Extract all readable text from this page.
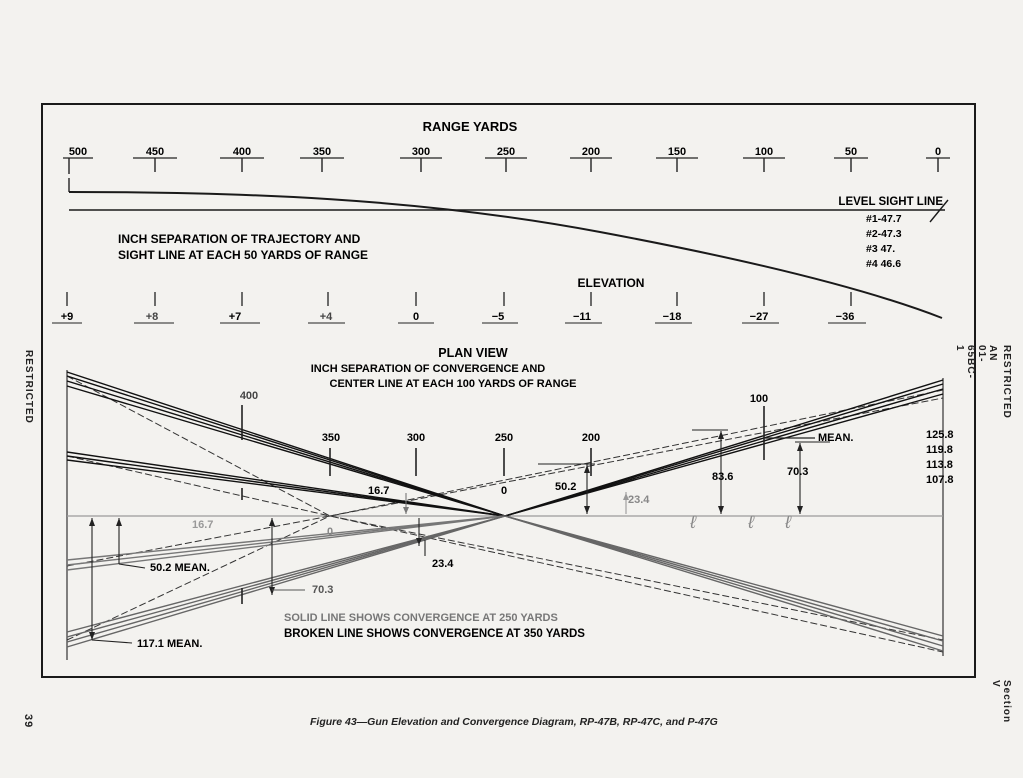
RANGE YARDS
500	450	400	350	300	250	200	150	100	50	0
LEVEL SIGHT LINE
#1-47.7
#2-47.3
#3 47.
#4 46.6
INCH SEPARATION OF TRAJECTORY AND
SIGHT LINE AT EACH 50 YARDS OF RANGE
ELEVATION
+9	+8	+7	+4	0	−5	−11	−18	−27	−36
PLAN VIEW
INCH SEPARATION OF CONVERGENCE AND
CENTER LINE AT EACH 100 YARDS OF RANGE
400
350	300	250	200
100
125.8
119.8
113.8
107.8
MEAN.
83.6	70.3
50.2
16.7	0
23.4
16.7
0
23.4
ℓ	ℓ ℓ
50.2 MEAN.
117.1 MEAN.
70.3
SOLID LINE SHOWS CONVERGENCE AT 250 YARDS
BROKEN LINE SHOWS CONVERGENCE AT 350 YARDS
RESTRICTED	RESTRICTED
AN 01-65BC-1
Section V
39	Figure 43—Gun Elevation and Convergence Diagram, RP-47B, RP-47C, and P-47G
